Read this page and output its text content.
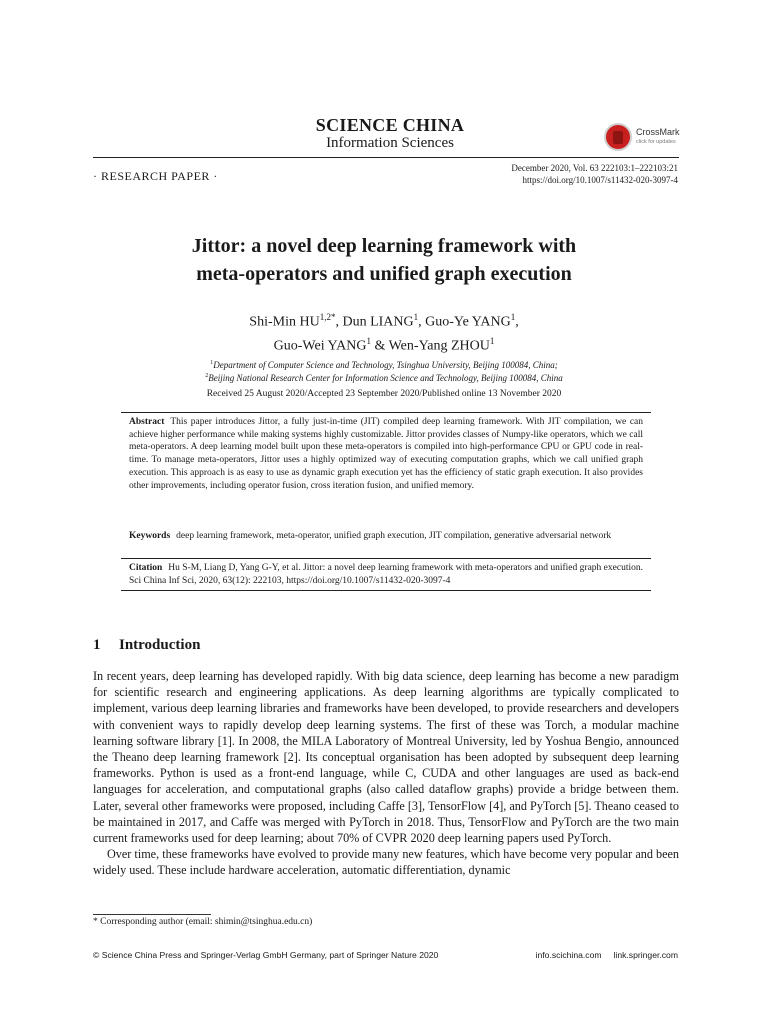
SCIENCE CHINA
Information Sciences
CrossMark
click for updates
· RESEARCH PAPER ·
December 2020, Vol. 63 222103:1–222103:21
https://doi.org/10.1007/s11432-020-3097-4
Jittor: a novel deep learning framework with
meta-operators and unified graph execution
Shi-Min $HU^{1,2*}$, Dun LIANG$^1$, Guo-Ye YANG$^1$,
Guo-Wei YANG$^1$ & Wen-Yang ZHOU$^1$
$^1$Department of Computer Science and Technology, Tsinghua University, Beijing 100084, China;
$^2$Beijing National Research Center for Information Science and Technology, Beijing 100084, China
Received 25 August 2020/Accepted 23 September 2020/Published online 13 November 2020
Abstract This paper introduces Jittor, a fully just-in-time (JIT) compiled deep learning framework. With JIT compilation, we can achieve higher performance while making systems highly customizable. Jittor provides classes of Numpy-like operators, which we call meta-operators. A deep learning model built upon these meta-operators is compiled into high-performance CPU or GPU code in real-time. To manage meta-operators, Jittor uses a highly optimized way of executing computation graphs, which we call unified graph execution. This approach is as easy to use as dynamic graph execution yet has the efficiency of static graph execution. It also provides other improvements, including operator fusion, cross iteration fusion, and unified memory.
Keywords deep learning framework, meta-operator, unified graph execution, JIT compilation, generative adversarial network
Citation Hu S-M, Liang D, Yang G-Y, et al. Jittor: a novel deep learning framework with meta-operators and unified graph execution. Sci China Inf Sci, 2020, 63(12): 222103, https://doi.org/10.1007/s11432-020-3097-4
1 Introduction

In recent years, deep learning has developed rapidly. With big data science, deep learning has become a new paradigm for scientific research and engineering applications. As deep learning algorithms are typically complicated to implement, various deep learning libraries and frameworks have been developed, to provide researchers and developers with convenient ways to rapidly develop deep learning systems. The first of these was Torch, a modular machine learning software library [1]. In 2008, the MILA Laboratory of Montreal University, led by Yoshua Bengio, announced the Theano deep learning framework [2]. Its conceptual organisation has been adopted by subsequent deep learning frameworks. Python is used as a front-end language, while C, CUDA and other languages are used as back-end languages for acceleration, and computational graphs (also called dataflow graphs) provide a bridge between them. Later, several other frameworks were proposed, including Caffe [3], TensorFlow [4], and PyTorch [5]. Theano ceased to be maintained in 2017, and Caffe was merged with PyTorch in 2018. Thus, TensorFlow and PyTorch are the two main current frameworks used for deep learning; about 70% of CVPR 2020 deep learning papers used PyTorch.

Over time, these frameworks have evolved to provide many new features, which have become very popular and been widely used. These include hardware acceleration, automatic differentiation, dynamic

* Corresponding author (email: shimin@tsinghua.edu.cn)
© Science China Press and Springer-Verlag GmbH Germany, part of Springer Nature 2020	info.scichina.com link.springer.com
